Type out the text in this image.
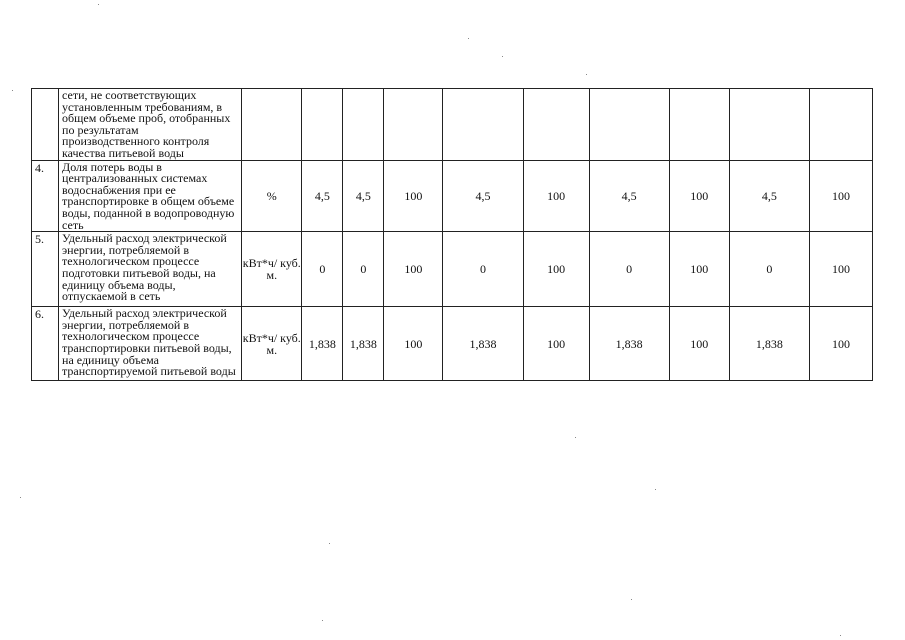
	сети, не соответствующих установленным требованиям, в общем объеме проб, отобранных по результатам производственного контроля качества питьевой воды										
4.	Доля потерь воды в централизованных системах водоснабжения при ее транспортировке в общем объеме воды, поданной в водопроводную сеть	%	4,5	4,5	100	4,5	100	4,5	100	4,5	100
5.	Удельный расход электрической энергии, потребляемой в технологическом процессе подготовки питьевой воды, на единицу объема воды, отпускаемой в сеть	кВт*ч/ куб. м.	0	0	100	0	100	0	100	0	100
6.	Удельный расход электрической энергии, потребляемой в технологическом процессе транспортировки питьевой воды, на единицу объема транспортируемой питьевой воды	кВт*ч/ куб. м.	1,838	1,838	100	1,838	100	1,838	100	1,838	100
